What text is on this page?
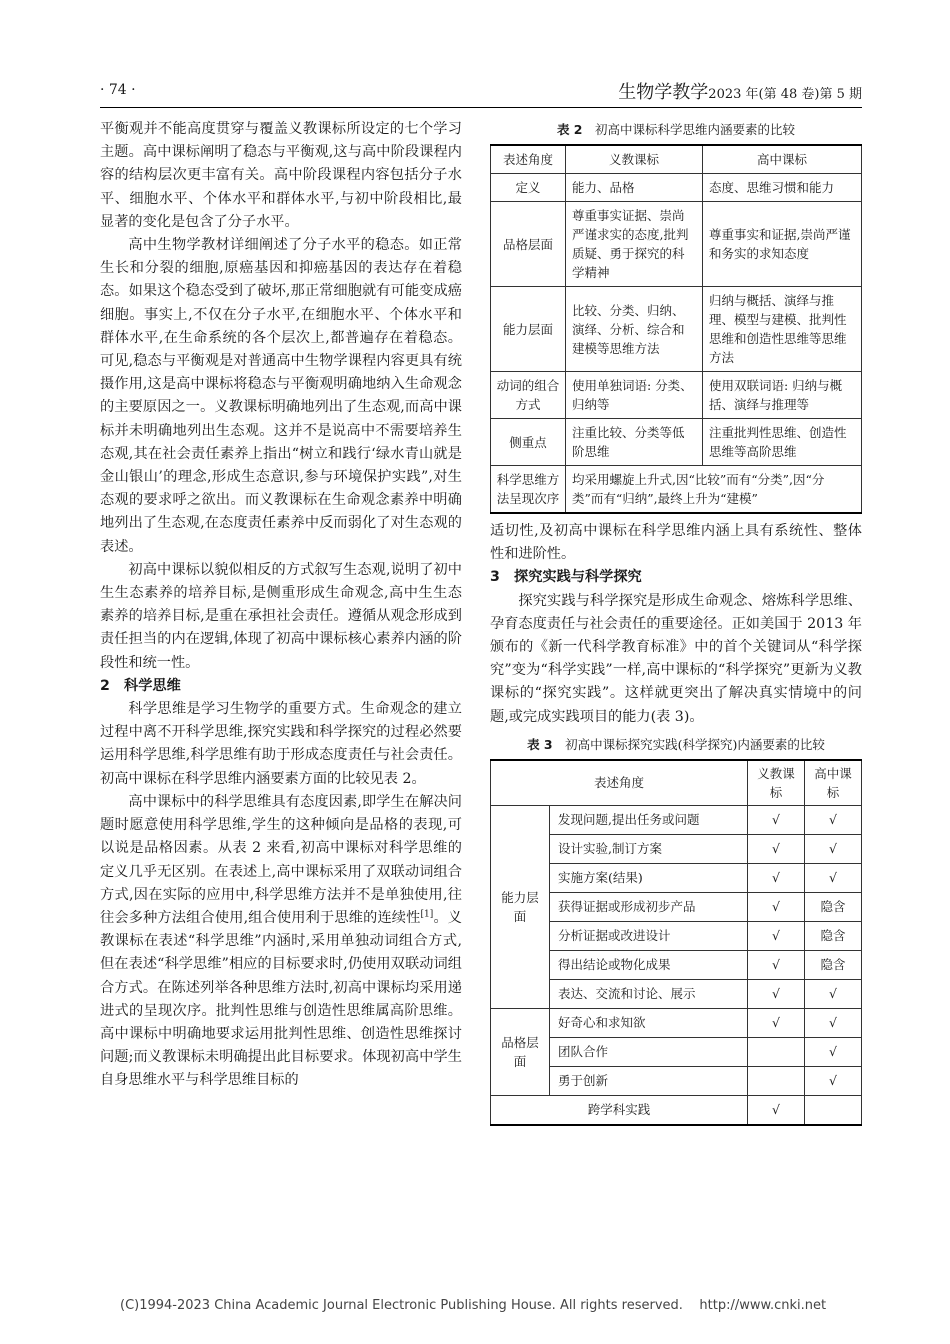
· 74 ·	生物学教学2023 年(第 48 卷)第 5 期

平衡观并不能高度贯穿与覆盖义教课标所设定的七个学习主题。高中课标阐明了稳态与平衡观,这与高中阶段课程内容的结构层次更丰富有关。高中阶段课程内容包括分子水平、细胞水平、个体水平和群体水平,与初中阶段相比,最显著的变化是包含了分子水平。

高中生物学教材详细阐述了分子水平的稳态。如正常生长和分裂的细胞,原癌基因和抑癌基因的表达存在着稳态。如果这个稳态受到了破坏,那正常细胞就有可能变成癌细胞。事实上,不仅在分子水平,在细胞水平、个体水平和群体水平,在生命系统的各个层次上,都普遍存在着稳态。可见,稳态与平衡观是对普通高中生物学课程内容更具有统摄作用,这是高中课标将稳态与平衡观明确地纳入生命观念的主要原因之一。义教课标明确地列出了生态观,而高中课标并未明确地列出生态观。这并不是说高中不需要培养生态观,其在社会责任素养上指出“树立和践行‘绿水青山就是金山银山’的理念,形成生态意识,参与环境保护实践”,对生态观的要求呼之欲出。而义教课标在生命观念素养中明确地列出了生态观,在态度责任素养中反而弱化了对生态观的表述。

初高中课标以貌似相反的方式叙写生态观,说明了初中生生态素养的培养目标,是侧重形成生命观念,高中生生态素养的培养目标,是重在承担社会责任。遵循从观念形成到责任担当的内在逻辑,体现了初高中课标核心素养内涵的阶段性和统一性。

2　科学思维

科学思维是学习生物学的重要方式。生命观念的建立过程中离不开科学思维,探究实践和科学探究的过程必然要运用科学思维,科学思维有助于形成态度责任与社会责任。初高中课标在科学思维内涵要素方面的比较见表 2。

高中课标中的科学思维具有态度因素,即学生在解决问题时愿意使用科学思维,学生的这种倾向是品格的表现,可以说是品格因素。从表 2 来看,初高中课标对科学思维的定义几乎无区别。在表述上,高中课标采用了双联动词组合方式,因在实际的应用中,科学思维方法并不是单独使用,往往会多种方法组合使用,组合使用利于思维的连续性[1]。义教课标在表述“科学思维”内涵时,采用单独动词组合方式,但在表述“科学思维”相应的目标要求时,仍使用双联动词组合方式。在陈述列举各种思维方法时,初高中课标均采用递进式的呈现次序。批判性思维与创造性思维属高阶思维。高中课标中明确地要求运用批判性思维、创造性思维探讨问题;而义教课标未明确提出此目标要求。体现初高中学生自身思维水平与科学思维目标的

表 2　 初高中课标科学思维内涵要素的比较
表述角度	义教课标	高中课标
定义	能力、品格	态度、思维习惯和能力
品格层面	尊重事实证据、崇尚严谨求实的态度,批判质疑、勇于探究的科学精神	尊重事实和证据,崇尚严谨和务实的求知态度
能力层面	比较、分类、归纳、演绎、分析、综合和建模等思维方法	归纳与概括、演绎与推理、模型与建模、批判性思维和创造性思维等思维方法
动词的组合方式	使用单独词语: 分类、归纳等	使用双联词语: 归纳与概括、演绎与推理等
侧重点	注重比较、分类等低阶思维	注重批判性思维、创造性思维等高阶思维
科学思维方法呈现次序	均采用螺旋上升式,因“比较”而有“分类”,因“分类”而有“归纳”,最终上升为“建模”	

适切性,及初高中课标在科学思维内涵上具有系统性、整体性和进阶性。

3　探究实践与科学探究

探究实践与科学探究是形成生命观念、熔炼科学思维、孕育态度责任与社会责任的重要途径。正如美国于 2013 年颁布的《新一代科学教育标准》中的首个关键词从“科学探究”变为“科学实践”一样,高中课标的“科学探究”更新为义教课标的“探究实践”。这样就更突出了解决真实情境中的问题,或完成实践项目的能力(表 3)。

表 3　 初高中课标探究实践(科学探究)内涵要素的比较
表述角度		义教课标	高中课标
能力层面	发现问题,提出任务或问题	√	√
	设计实验,制订方案	√	√
	实施方案(结果)	√	√
	获得证据或形成初步产品	√	隐含
	分析证据或改进设计	√	隐含
	得出结论或物化成果	√	隐含
	表达、交流和讨论、展示	√	√
品格层面	好奇心和求知欲	√	√
	团队合作		√
	勇于创新		√
跨学科实践		√	
(C)1994-2023 China Academic Journal Electronic Publishing House. All rights reserved.    http://www.cnki.net
